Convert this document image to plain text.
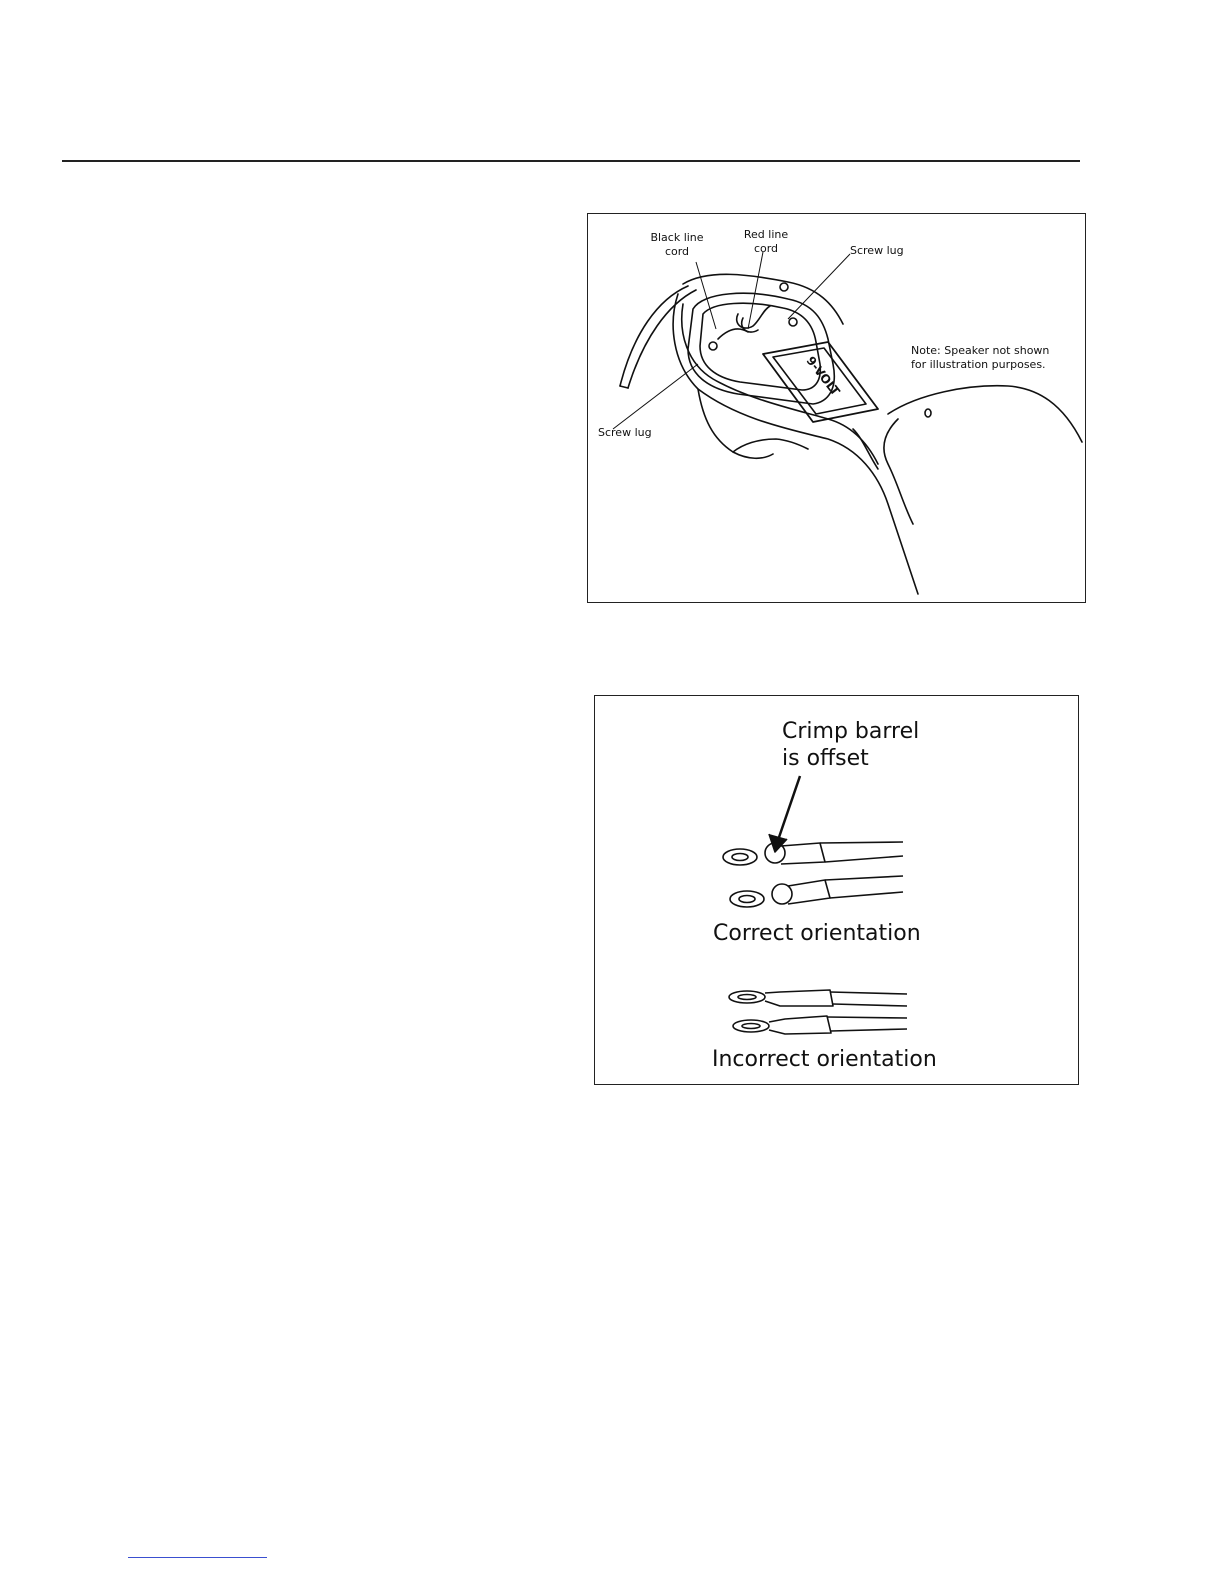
Black line
cord
Red line
cord	Screw lug
Screw lug
Note: Speaker not shown
for illustration purposes.
9-VOLT
Crimp barrel
is offset
Correct orientation
Incorrect orientation
